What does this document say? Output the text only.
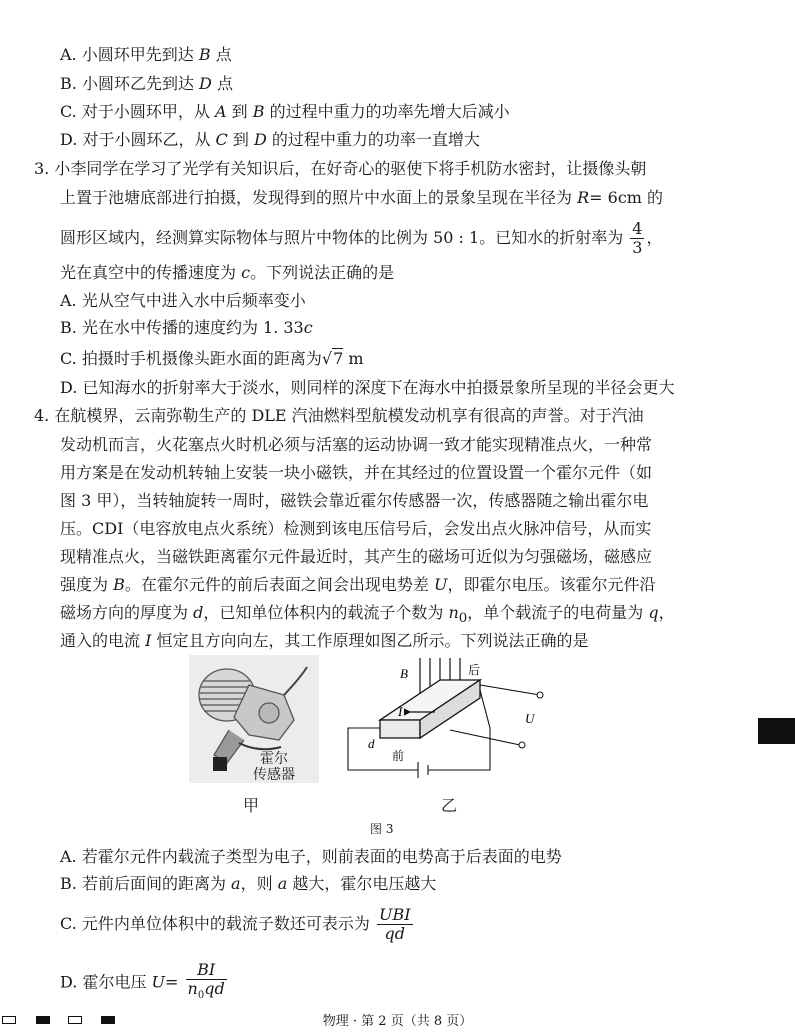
A. 小圆环甲先到达 B 点
B. 小圆环乙先到达 D 点
C. 对于小圆环甲，从 A 到 B 的过程中重力的功率先增大后减小
D. 对于小圆环乙，从 C 到 D 的过程中重力的功率一直增大
3. 小李同学在学习了光学有关知识后，在好奇心的驱使下将手机防水密封，让摄像头朝
上置于池塘底部进行拍摄，发现得到的照片中水面上的景象呈现在半径为 R= 6cm 的
圆形区域内，经测算实际物体与照片中物体的比例为 50 : 1。已知水的折射率为 $\frac{4}{3}$ ，
光在真空中的传播速度为 c。下列说法正确的是
A. 光从空气中进入水中后频率变小
B. 光在水中传播的速度约为 1. 33c
C. 拍摄时手机摄像头距水面的距离为√7 m
D. 已知海水的折射率大于淡水，则同样的深度下在海水中拍摄景象所呈现的半径会更大
4. 在航模界，云南弥勒生产的 DLE 汽油燃料型航模发动机享有很高的声誉。对于汽油
发动机而言，火花塞点火时机必须与活塞的运动协调一致才能实现精准点火，一种常
用方案是在发动机转轴上安装一块小磁铁，并在其经过的位置设置一个霍尔元件（如
图 3 甲），当转轴旋转一周时，磁铁会靠近霍尔传感器一次，传感器随之输出霍尔电
压。CDI（电容放电点火系统）检测到该电压信号后，会发出点火脉冲信号，从而实
现精准点火，当磁铁距离霍尔元件最近时，其产生的磁场可近似为匀强磁场，磁感应
强度为 B。在霍尔元件的前后表面之间会出现电势差 U，即霍尔电压。该霍尔元件沿
磁场方向的厚度为 d，已知单位体积内的载流子个数为 $n_0$，单个载流子的电荷量为 q，
通入的电流 I 恒定且方向向左，其工作原理如图乙所示。下列说法正确的是
霍尔
传感器
甲
B	后
I	U
d
前
乙
图 3
A. 若霍尔元件内载流子类型为电子，则前表面的电势高于后表面的电势
B. 若前后面间的距离为 a，则 a 越大，霍尔电压越大
C. 元件内单位体积中的载流子数还可表示为 $\frac{\text{UBI}}{qd}$
D. 霍尔电压 $U= \frac{BI}{n_0qd}$
物理 · 第 2 页（共 8 页）
